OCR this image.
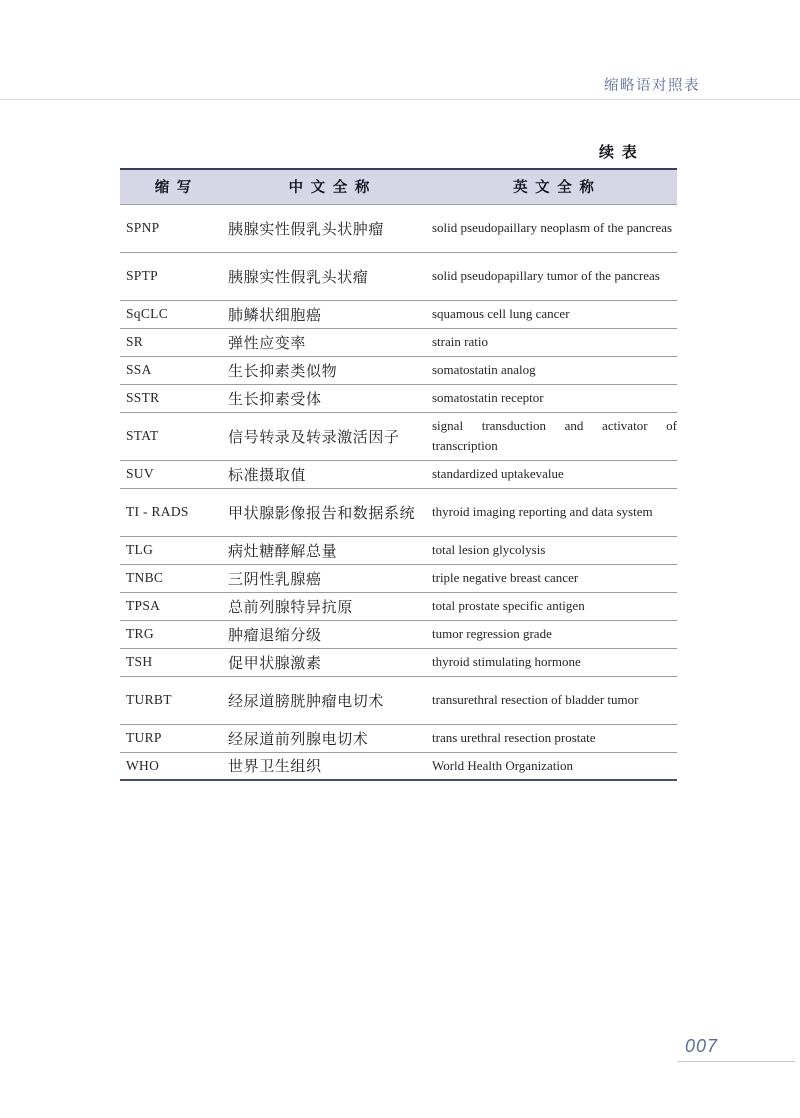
缩略语对照表
续 表
缩 写	中 文 全 称	英 文 全 称
SPNP	胰腺实性假乳头状肿瘤	solid pseudopaillary neoplasm of the pancreas
SPTP	胰腺实性假乳头状瘤	solid pseudopapillary tumor of the pancreas
SqCLC	肺鳞状细胞癌	squamous cell lung cancer
SR	弹性应变率	strain ratio
SSA	生长抑素类似物	somatostatin analog
SSTR	生长抑素受体	somatostatin receptor
STAT	信号转录及转录激活因子	signal transduction and activator of transcription
SUV	标准摄取值	standardized uptakevalue
TI - RADS	甲状腺影像报告和数据系统	thyroid imaging reporting and data system
TLG	病灶糖酵解总量	total lesion glycolysis
TNBC	三阴性乳腺癌	triple negative breast cancer
TPSA	总前列腺特异抗原	total prostate specific antigen
TRG	肿瘤退缩分级	tumor regression grade
TSH	促甲状腺激素	thyroid stimulating hormone
TURBT	经尿道膀胱肿瘤电切术	transurethral resection of bladder tumor
TURP	经尿道前列腺电切术	trans urethral resection prostate
WHO	世界卫生组织	World Health Organization
007
